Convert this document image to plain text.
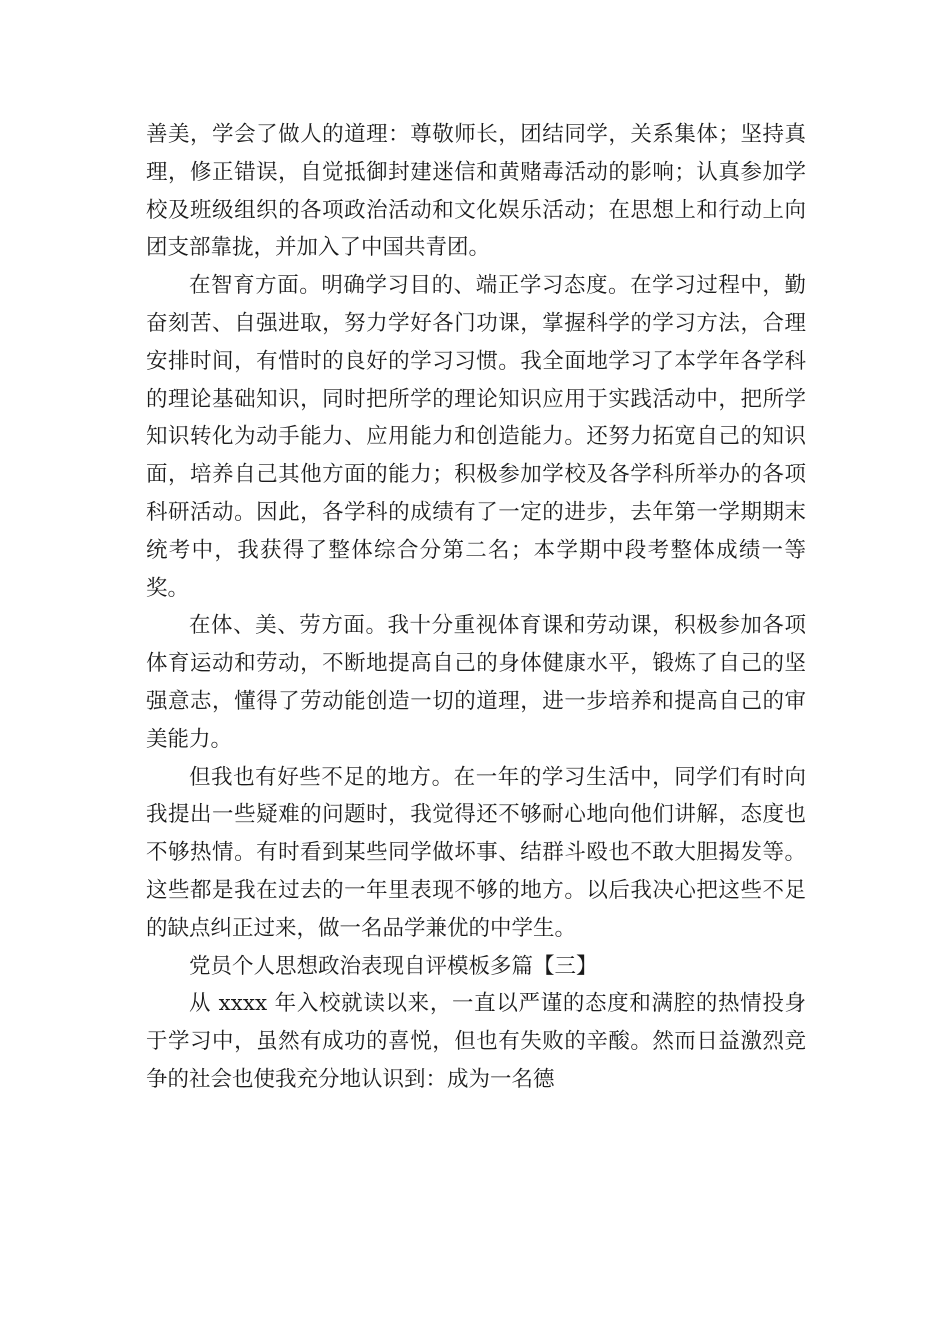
善美，学会了做人的道理：尊敬师长，团结同学，关系集体；坚持真理，修正错误，自觉抵御封建迷信和黄赌毒活动的影响；认真参加学校及班级组织的各项政治活动和文化娱乐活动；在思想上和行动上向团支部靠拢，并加入了中国共青团。

在智育方面。明确学习目的、端正学习态度。在学习过程中，勤奋刻苦、自强进取，努力学好各门功课，掌握科学的学习方法，合理安排时间，有惜时的良好的学习习惯。我全面地学习了本学年各学科的理论基础知识，同时把所学的理论知识应用于实践活动中，把所学知识转化为动手能力、应用能力和创造能力。还努力拓宽自己的知识面，培养自己其他方面的能力；积极参加学校及各学科所举办的各项科研活动。因此，各学科的成绩有了一定的进步，去年第一学期期末统考中，我获得了整体综合分第二名；本学期中段考整体成绩一等奖。

在体、美、劳方面。我十分重视体育课和劳动课，积极参加各项体育运动和劳动，不断地提高自己的身体健康水平，锻炼了自己的坚强意志，懂得了劳动能创造一切的道理，进一步培养和提高自己的审美能力。

但我也有好些不足的地方。在一年的学习生活中，同学们有时向我提出一些疑难的问题时，我觉得还不够耐心地向他们讲解，态度也不够热情。有时看到某些同学做坏事、结群斗殴也不敢大胆揭发等。这些都是我在过去的一年里表现不够的地方。以后我决心把这些不足的缺点纠正过来，做一名品学兼优的中学生。

党员个人思想政治表现自评模板多篇【三】

从 xxxx 年入校就读以来，一直以严谨的态度和满腔的热情投身于学习中，虽然有成功的喜悦，但也有失败的辛酸。然而日益激烈竞争的社会也使我充分地认识到：成为一名德
